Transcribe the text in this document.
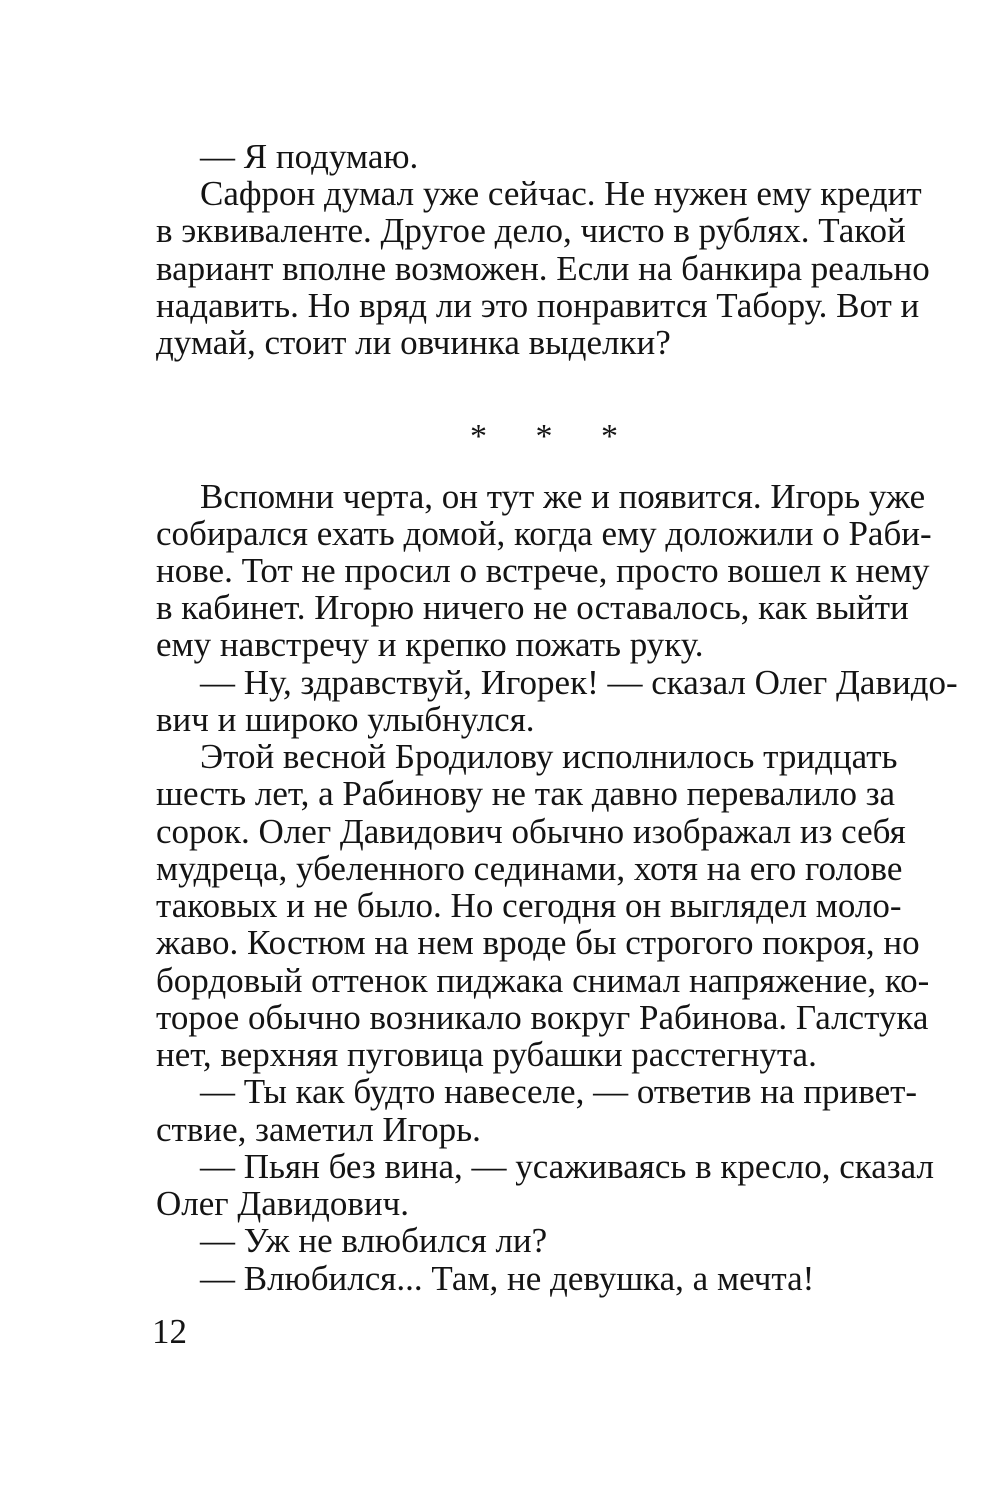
— Я подумаю.

Сафрон думал уже сейчас. Не нужен ему кредит

в эквиваленте. Другое дело, чисто в рублях. Такой

вариант вполне возможен. Если на банкира реально

надавить. Но вряд ли это понравится Табору. Вот и

думай, стоит ли овчинка выделки?

* * *

Вспомни черта, он тут же и появится. Игорь уже

собирался ехать домой, когда ему доложили о Раби-

нове. Тот не просил о встрече, просто вошел к нему

в кабинет. Игорю ничего не оставалось, как выйти

ему навстречу и крепко пожать руку.

— Ну, здравствуй, Игорек! — сказал Олег Давидо-

вич и широко улыбнулся.

Этой весной Бродилову исполнилось тридцать

шесть лет, а Рабинову не так давно перевалило за

сорок. Олег Давидович обычно изображал из себя

мудреца, убеленного сединами, хотя на его голове

таковых и не было. Но сегодня он выглядел моло-

жаво. Костюм на нем вроде бы строгого покроя, но

бордовый оттенок пиджака снимал напряжение, ко-

торое обычно возникало вокруг Рабинова. Галстука

нет, верхняя пуговица рубашки расстегнута.

— Ты как будто навеселе, — ответив на привет-

ствие, заметил Игорь.

— Пьян без вина, — усаживаясь в кресло, сказал

Олег Давидович.

— Уж не влюбился ли?

— Влюбился... Там, не девушка, а мечта!

12
